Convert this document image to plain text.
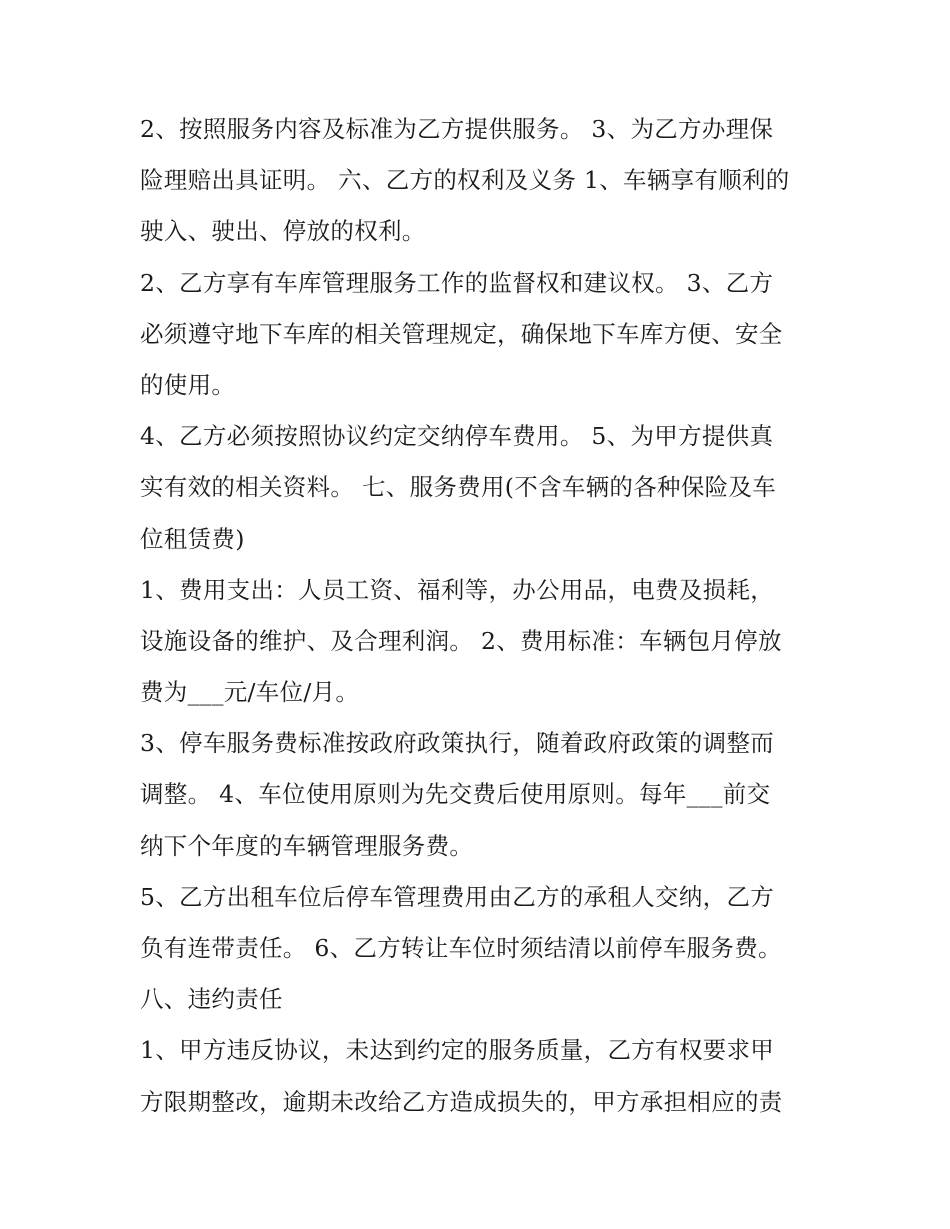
2、按照服务内容及标准为乙方提供服务。 3、为乙方办理保
险理赔出具证明。 六、乙方的权利及义务 1、车辆享有顺利的
驶入、驶出、停放的权利。
2、乙方享有车库管理服务工作的监督权和建议权。 3、乙方
必须遵守地下车库的相关管理规定，确保地下车库方便、安全
的使用。
4、乙方必须按照协议约定交纳停车费用。 5、为甲方提供真
实有效的相关资料。 七、服务费用(不含车辆的各种保险及车
位租赁费)
1、费用支出：人员工资、福利等，办公用品，电费及损耗，
设施设备的维护、及合理利润。 2、费用标准：车辆包月停放
费为___元/车位/月。
3、停车服务费标准按政府政策执行，随着政府政策的调整而
调整。 4、车位使用原则为先交费后使用原则。每年___前交
纳下个年度的车辆管理服务费。
5、乙方出租车位后停车管理费用由乙方的承租人交纳，乙方
负有连带责任。 6、乙方转让车位时须结清以前停车服务费。
八、违约责任
1、甲方违反协议，未达到约定的服务质量，乙方有权要求甲
方限期整改，逾期未改给乙方造成损失的，甲方承担相应的责
